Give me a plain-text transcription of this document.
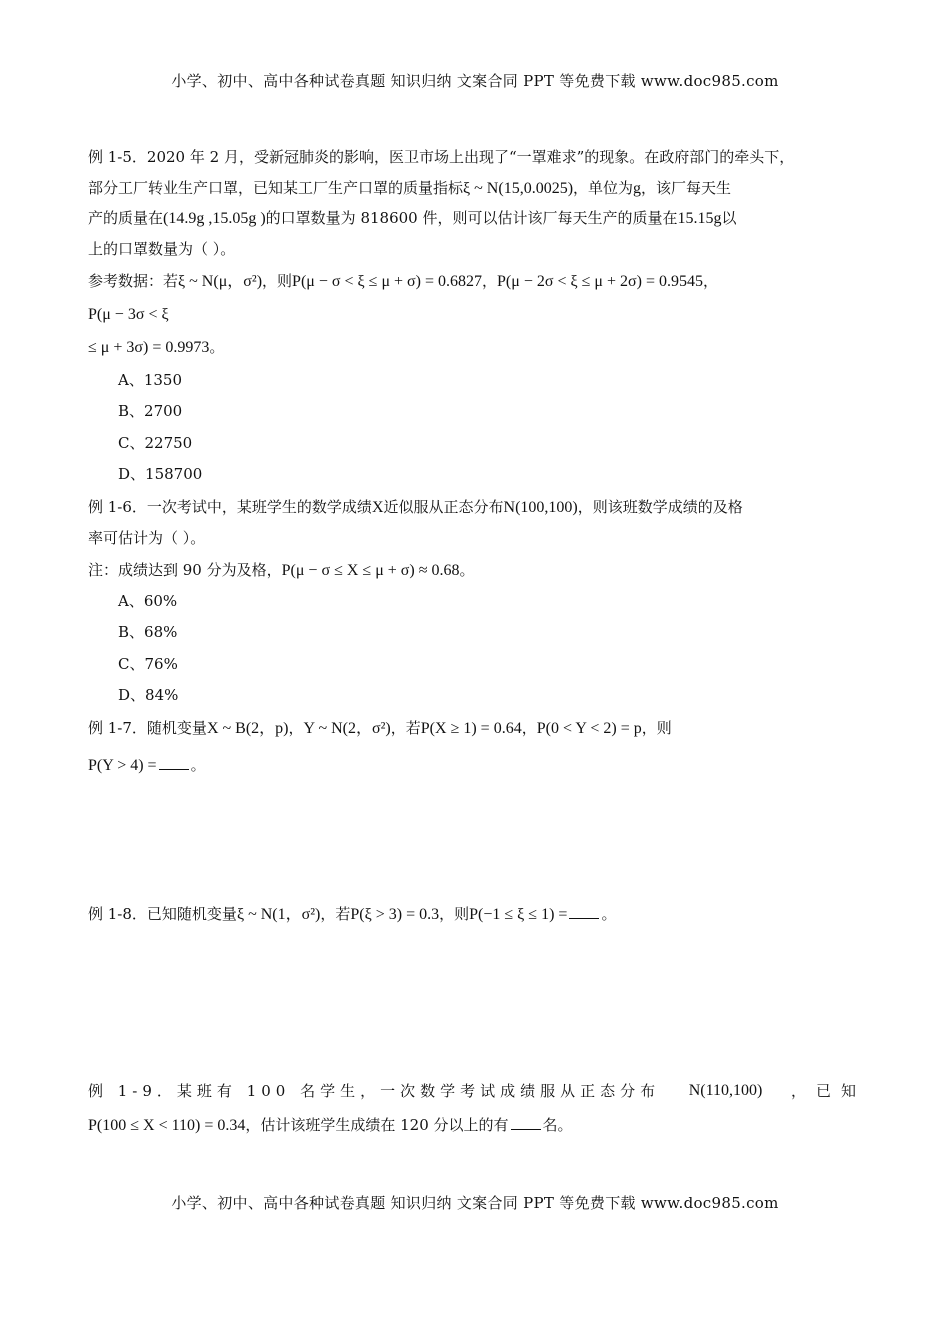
小学、初中、高中各种试卷真题 知识归纳 文案合同 PPT 等免费下载 www.doc985.com
例 1-5．2020 年 2 月，受新冠肺炎的影响，医卫市场上出现了“一罩难求”的现象。在政府部门的牵头下，
部分工厂转业生产口罩，已知某工厂生产口罩的质量指标ξ ~ N(15,0.0025)，单位为g，该厂每天生
产的质量在(14.9g ,15.05g )的口罩数量为 818600 件，则可以估计该厂每天生产的质量在15.15g以
上的口罩数量为（ ）。
参考数据：若ξ ~ N(μ，σ²)，则P(μ − σ < ξ ≤ μ + σ) = 0.6827，P(μ − 2σ < ξ ≤ μ + 2σ) = 0.9545，
P(μ − 3σ < ξ
≤ μ + 3σ) = 0.9973。
A、1350
B、2700
C、22750
D、158700
例 1-6．一次考试中，某班学生的数学成绩X近似服从正态分布N(100,100)，则该班数学成绩的及格
率可估计为（ ）。
注：成绩达到 90 分为及格，P(μ − σ ≤ X ≤ μ + σ) ≈ 0.68。
A、60%
B、68%
C、76%
D、84%
例 1-7．随机变量X ~ B(2，p)，Y ~ N(2，σ²)，若P(X ≥ 1) = 0.64，P(0 < Y < 2) = p，则
P(Y > 4) = 。
例 1-8．已知随机变量ξ ~ N(1，σ²)，若P(ξ > 3) = 0.3，则P(−1 ≤ ξ ≤ 1) = 。
例 1-9．某班有 100 名学生，一次数学考试成绩服从正态分布 N(110,100) ，已知
P(100 ≤ X < 110) = 0.34，估计该班学生成绩在 120 分以上的有 名。
小学、初中、高中各种试卷真题 知识归纳 文案合同 PPT 等免费下载 www.doc985.com
